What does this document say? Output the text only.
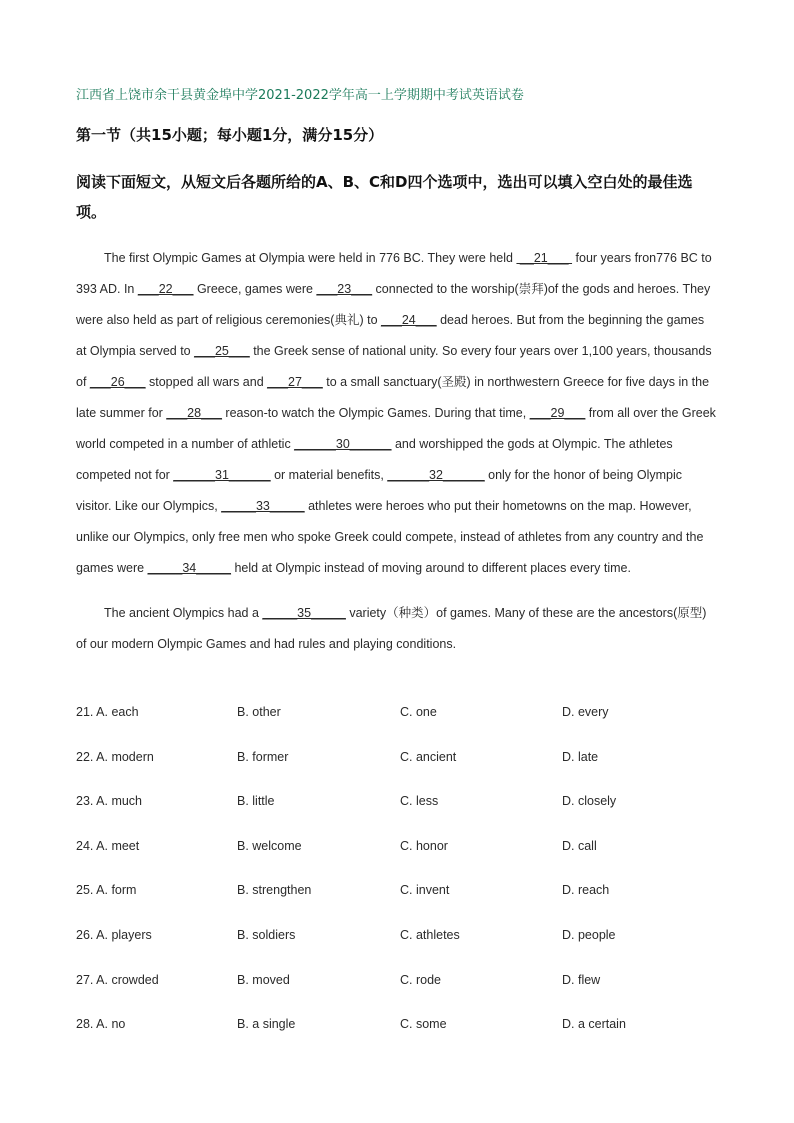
江西省上饶市余干县黄金埠中学2021-2022学年高一上学期期中考试英语试卷
第一节（共15小题；每小题1分，满分15分）
阅读下面短文，从短文后各题所给的A、B、C和D四个选项中，选出可以填入空白处的最佳选项。

The first Olympic Games at Olympia were held in 776 BC. They were held  __21___  four years fron776 BC to 393 AD. In ___22___ Greece, games were ___23___ connected to the worship(崇拜)of the gods and heroes. They were also held as part of religious ceremonies(典礼) to ___24___ dead heroes. But from the beginning the games at Olympia served to ___25___ the Greek sense of national unity. So every four years over 1,100 years, thousands of ___26___ stopped all wars and ___27___ to a small sanctuary(圣殿) in northwestern Greece for five days in the late summer for ___28___ reason-to watch the Olympic Games. During that time, ___29___ from all over the Greek world competed in a number of athletic ______30______ and worshipped the gods at Olympic. The athletes competed not for ______31______ or material benefits, ______32______ only for the honor of being Olympic visitor. Like our Olympics, _____33_____ athletes were heroes who put their hometowns on the map. However, unlike our Olympics, only free men who spoke Greek could compete, instead of athletes from any country and the games were _____34_____ held at Olympic instead of moving around to different places every time.

The ancient Olympics had a _____35_____ variety（种类）of games. Many of these are the ancestors(原型) of our modern Olympic Games and had rules and playing conditions.

21. A. each	B. other	C. one	D. every
22. A. modern	B. former	C. ancient	D. late
23. A. much	B. little	C. less	D. closely
24. A. meet	B. welcome	C. honor	D. call
25. A. form	B. strengthen	C. invent	D. reach
26. A. players	B. soldiers	C. athletes	D. people
27. A. crowded	B. moved	C. rode	D. flew
28. A. no	B. a single	C. some	D. a certain
